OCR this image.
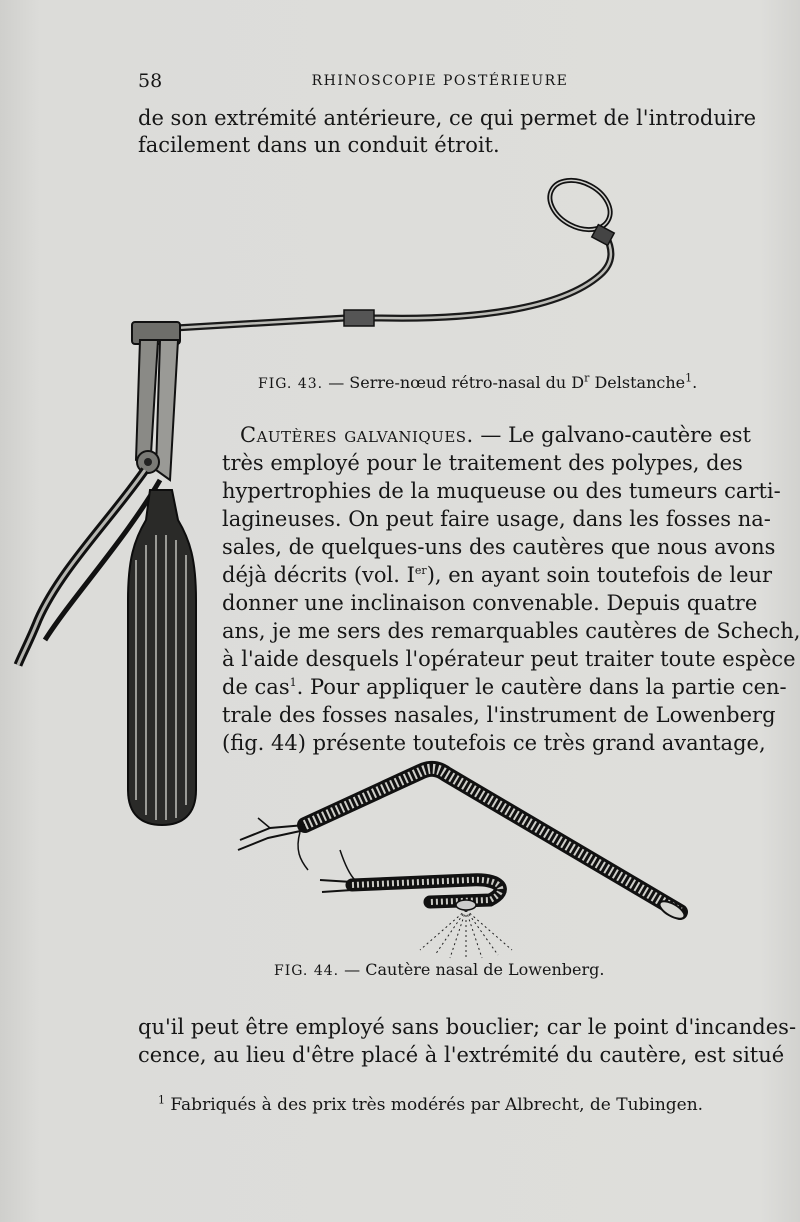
58	RHINOSCOPIE POSTÉRIEURE
de son extrémité antérieure, ce qui permet de l'introduire
facilement dans un conduit étroit.
FIG. 43. — Serre-nœud rétro-nasal du $D^r$ Delstanche$^1$.
Cautères galvaniques. — Le galvano-cautère est
très employé pour le traitement des polypes, des
hypertrophies de la muqueuse ou des tumeurs carti-
lagineuses. On peut faire usage, dans les fosses na-
sales, de quelques-uns des cautères que nous avons
déjà décrits (vol. Ier), en ayant soin toutefois de leur
donner une inclinaison convenable. Depuis quatre
ans, je me sers des remarquables cautères de Schech,
à l'aide desquels l'opérateur peut traiter toute espèce
de cas$^1$. Pour appliquer le cautère dans la partie cen-
trale des fosses nasales, l'instrument de Lowenberg
(fig. 44) présente toutefois ce très grand avantage,
FIG. 44. — Cautère nasal de Lowenberg.
qu'il peut être employé sans bouclier; car le point d'incandes-
cence, au lieu d'être placé à l'extrémité du cautère, est situé
$^1$ Fabriqués à des prix très modérés par Albrecht, de Tubingen.
